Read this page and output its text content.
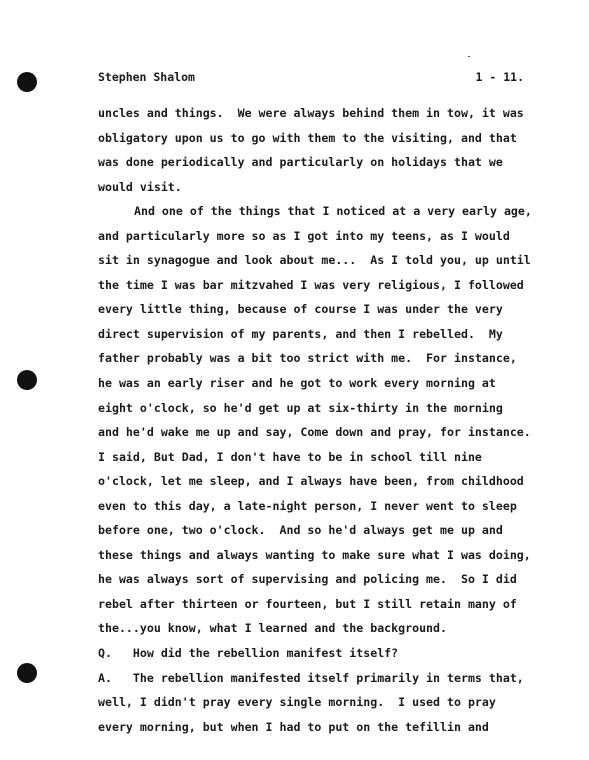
Stephen Shalom	1 - 11.
uncles and things.  We were always behind them in tow, it was
obligatory upon us to go with them to the visiting, and that
was done periodically and particularly on holidays that we
would visit.
And one of the things that I noticed at a very early age,
and particularly more so as I got into my teens, as I would
sit in synagogue and look about me...  As I told you, up until
the time I was bar mitzvahed I was very religious, I followed
every little thing, because of course I was under the very
direct supervision of my parents, and then I rebelled.  My
father probably was a bit too strict with me.  For instance,
he was an early riser and he got to work every morning at
eight o'clock, so he'd get up at six-thirty in the morning
and he'd wake me up and say, Come down and pray, for instance.
I said, But Dad, I don't have to be in school till nine
o'clock, let me sleep, and I always have been, from childhood
even to this day, a late-night person, I never went to sleep
before one, two o'clock.  And so he'd always get me up and
these things and always wanting to make sure what I was doing,
he was always sort of supervising and policing me.  So I did
rebel after thirteen or fourteen, but I still retain many of
the...you know, what I learned and the background.
Q.   How did the rebellion manifest itself?
A.   The rebellion manifested itself primarily in terms that,
well, I didn't pray every single morning.  I used to pray
every morning, but when I had to put on the tefillin and
